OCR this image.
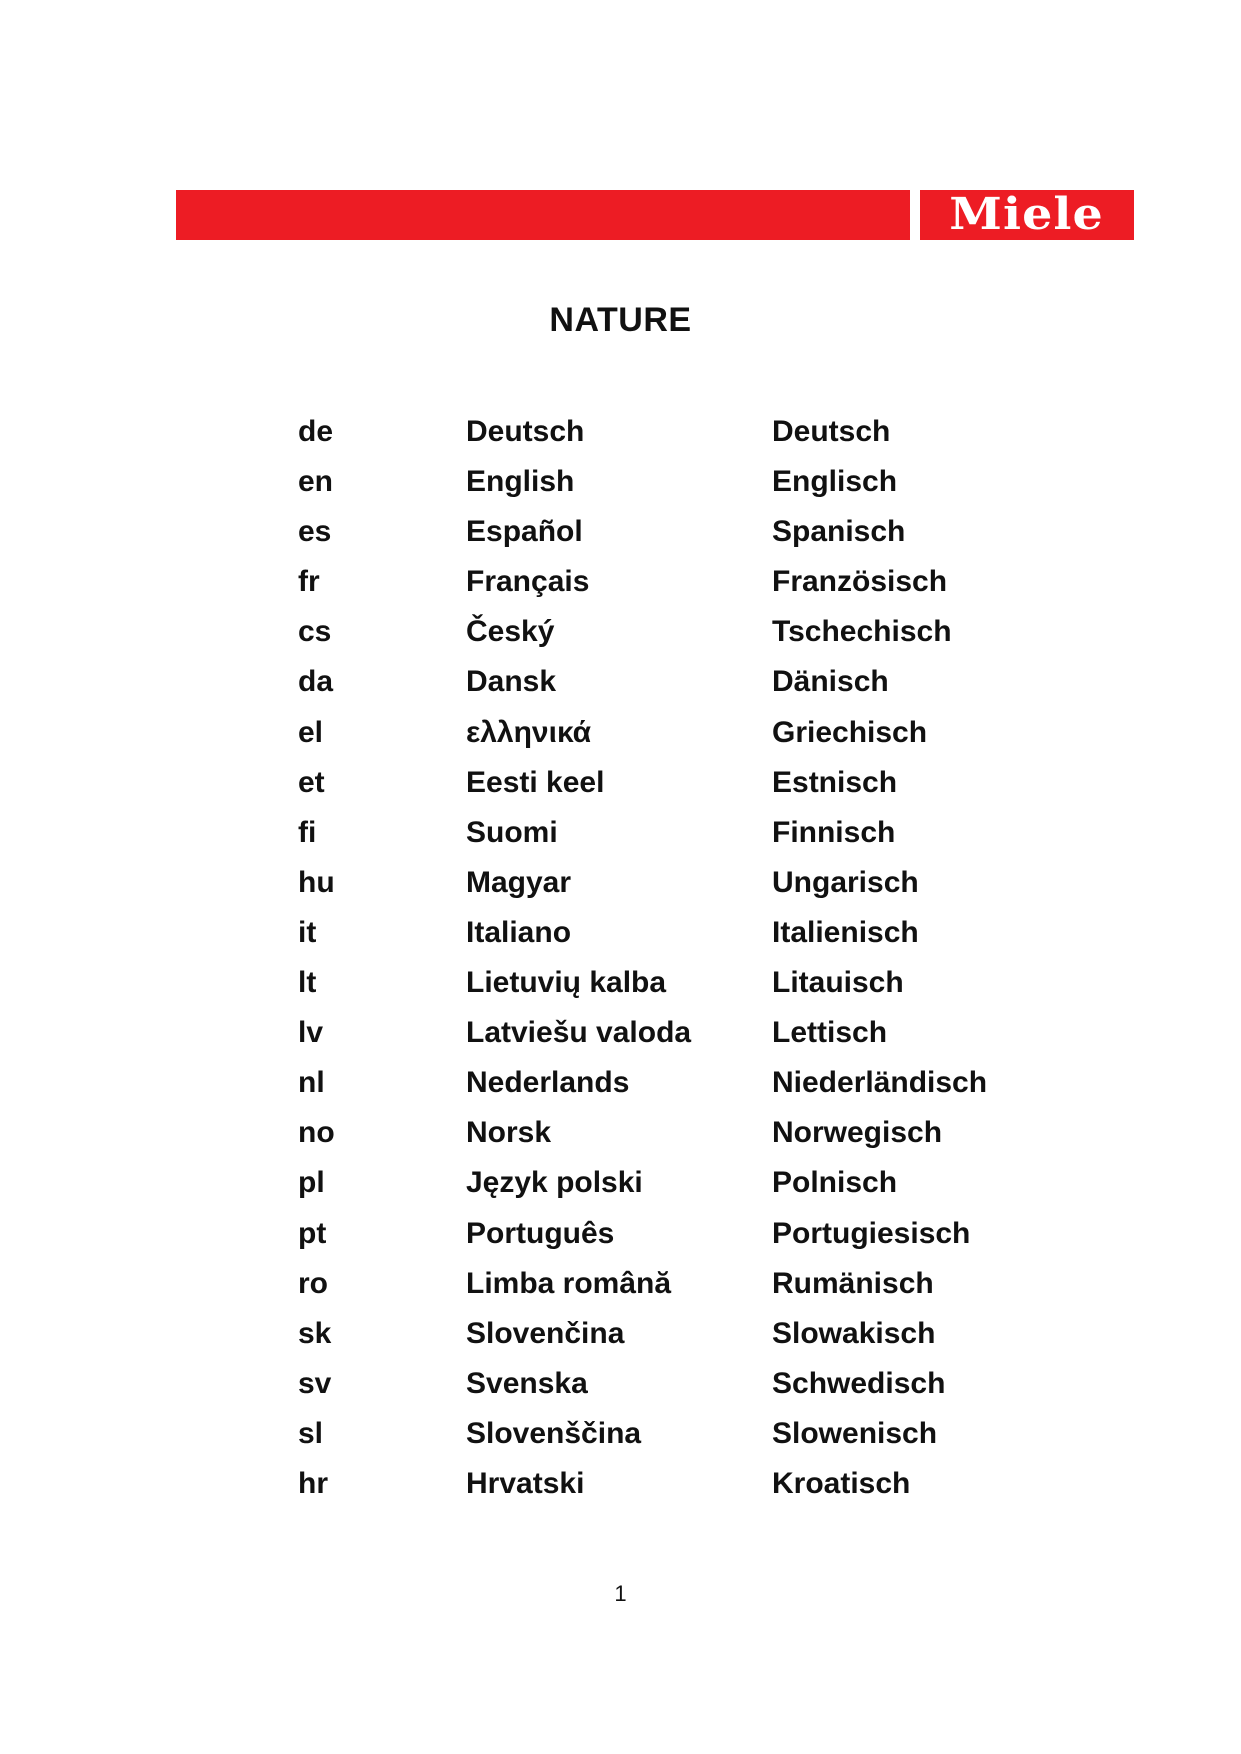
Miele
NATURE
de	Deutsch	Deutsch
en	English	Englisch
es	Español	Spanisch
fr	Français	Französisch
cs	Český	Tschechisch
da	Dansk	Dänisch
el	ελληνικά	Griechisch
et	Eesti keel	Estnisch
fi	Suomi	Finnisch
hu	Magyar	Ungarisch
it	Italiano	Italienisch
lt	Lietuvių kalba	Litauisch
lv	Latviešu valoda	Lettisch
nl	Nederlands	Niederländisch
no	Norsk	Norwegisch
pl	Język polski	Polnisch
pt	Português	Portugiesisch
ro	Limba română	Rumänisch
sk	Slovenčina	Slowakisch
sv	Svenska	Schwedisch
sl	Slovenščina	Slowenisch
hr	Hrvatski	Kroatisch
1
